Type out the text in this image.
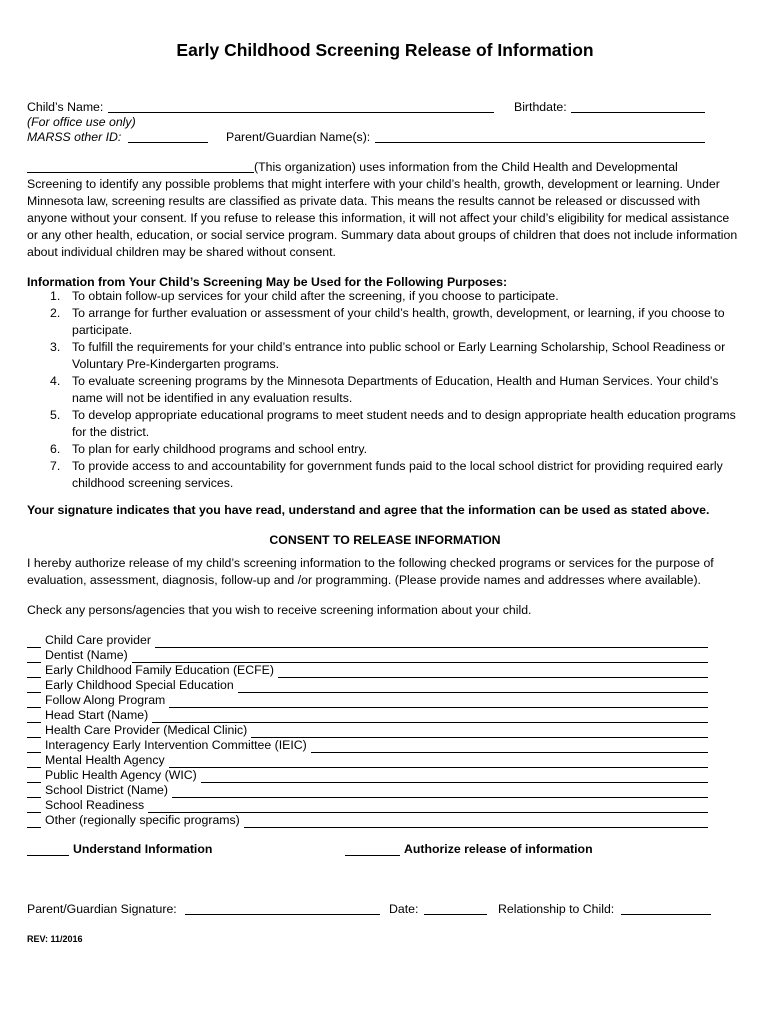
Early Childhood Screening Release of Information
Child’s Name:	Birthdate:
(For office use only)
MARSS other ID:	Parent/Guardian Name(s):
(This organization) uses information from the Child Health and Developmental
Screening to identify any possible problems that might interfere with your child’s health, growth, development or learning. Under Minnesota law, screening results are classified as private data. This means the results cannot be released or discussed with anyone without your consent. If you refuse to release this information, it will not affect your child’s eligibility for medical assistance or any other health, education, or social service program. Summary data about groups of children that does not include information about individual children may be shared without consent.
Information from Your Child’s Screening May be Used for the Following Purposes:
1. To obtain follow-up services for your child after the screening, if you choose to participate.
2. To arrange for further evaluation or assessment of your child’s health, growth, development, or learning, if you choose to participate.
3. To fulfill the requirements for your child’s entrance into public school or Early Learning Scholarship, School Readiness or Voluntary Pre-Kindergarten programs.
4. To evaluate screening programs by the Minnesota Departments of Education, Health and Human Services. Your child’s name will not be identified in any evaluation results.
5. To develop appropriate educational programs to meet student needs and to design appropriate health education programs for the district.
6. To plan for early childhood programs and school entry.
7. To provide access to and accountability for government funds paid to the local school district for providing required early childhood screening services.
Your signature indicates that you have read, understand and agree that the information can be used as stated above.
CONSENT TO RELEASE INFORMATION
I hereby authorize release of my child’s screening information to the following checked programs or services for the purpose of evaluation, assessment, diagnosis, follow-up and /or programming. (Please provide names and addresses where available).
Check any persons/agencies that you wish to receive screening information about your child.
Child Care provider
Dentist (Name)
Early Childhood Family Education (ECFE)
Early Childhood Special Education
Follow Along Program
Head Start (Name)
Health Care Provider (Medical Clinic)
Interagency Early Intervention Committee (IEIC)
Mental Health Agency
Public Health Agency (WIC)
School District (Name)
School Readiness
Other (regionally specific programs)
Understand Information	Authorize release of information
Parent/Guardian Signature:	Date:	Relationship to Child:
REV: 11/2016
